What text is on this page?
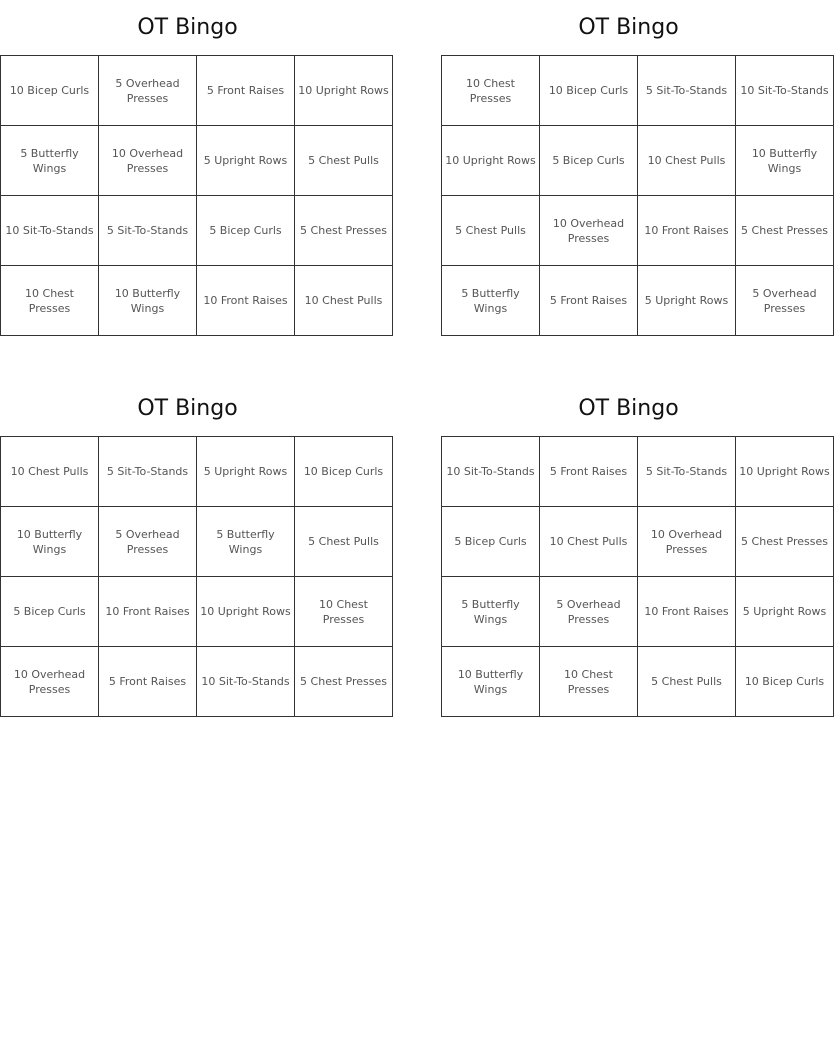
OT Bingo
10 Bicep Curls	5 Overhead Presses	5 Front Raises	10 Upright Rows
5 Butterfly Wings	10 Overhead Presses	5 Upright Rows	5 Chest Pulls
10 Sit-To-Stands	5 Sit-To-Stands	5 Bicep Curls	5 Chest Presses
10 Chest Presses	10 Butterfly Wings	10 Front Raises	10 Chest Pulls
OT Bingo
10 Chest Presses	10 Bicep Curls	5 Sit-To-Stands	10 Sit-To-Stands
10 Upright Rows	5 Bicep Curls	10 Chest Pulls	10 Butterfly Wings
5 Chest Pulls	10 Overhead Presses	10 Front Raises	5 Chest Presses
5 Butterfly Wings	5 Front Raises	5 Upright Rows	5 Overhead Presses
OT Bingo
10 Chest Pulls	5 Sit-To-Stands	5 Upright Rows	10 Bicep Curls
10 Butterfly Wings	5 Overhead Presses	5 Butterfly Wings	5 Chest Pulls
5 Bicep Curls	10 Front Raises	10 Upright Rows	10 Chest Presses
10 Overhead Presses	5 Front Raises	10 Sit-To-Stands	5 Chest Presses
OT Bingo
10 Sit-To-Stands	5 Front Raises	5 Sit-To-Stands	10 Upright Rows
5 Bicep Curls	10 Chest Pulls	10 Overhead Presses	5 Chest Presses
5 Butterfly Wings	5 Overhead Presses	10 Front Raises	5 Upright Rows
10 Butterfly Wings	10 Chest Presses	5 Chest Pulls	10 Bicep Curls
